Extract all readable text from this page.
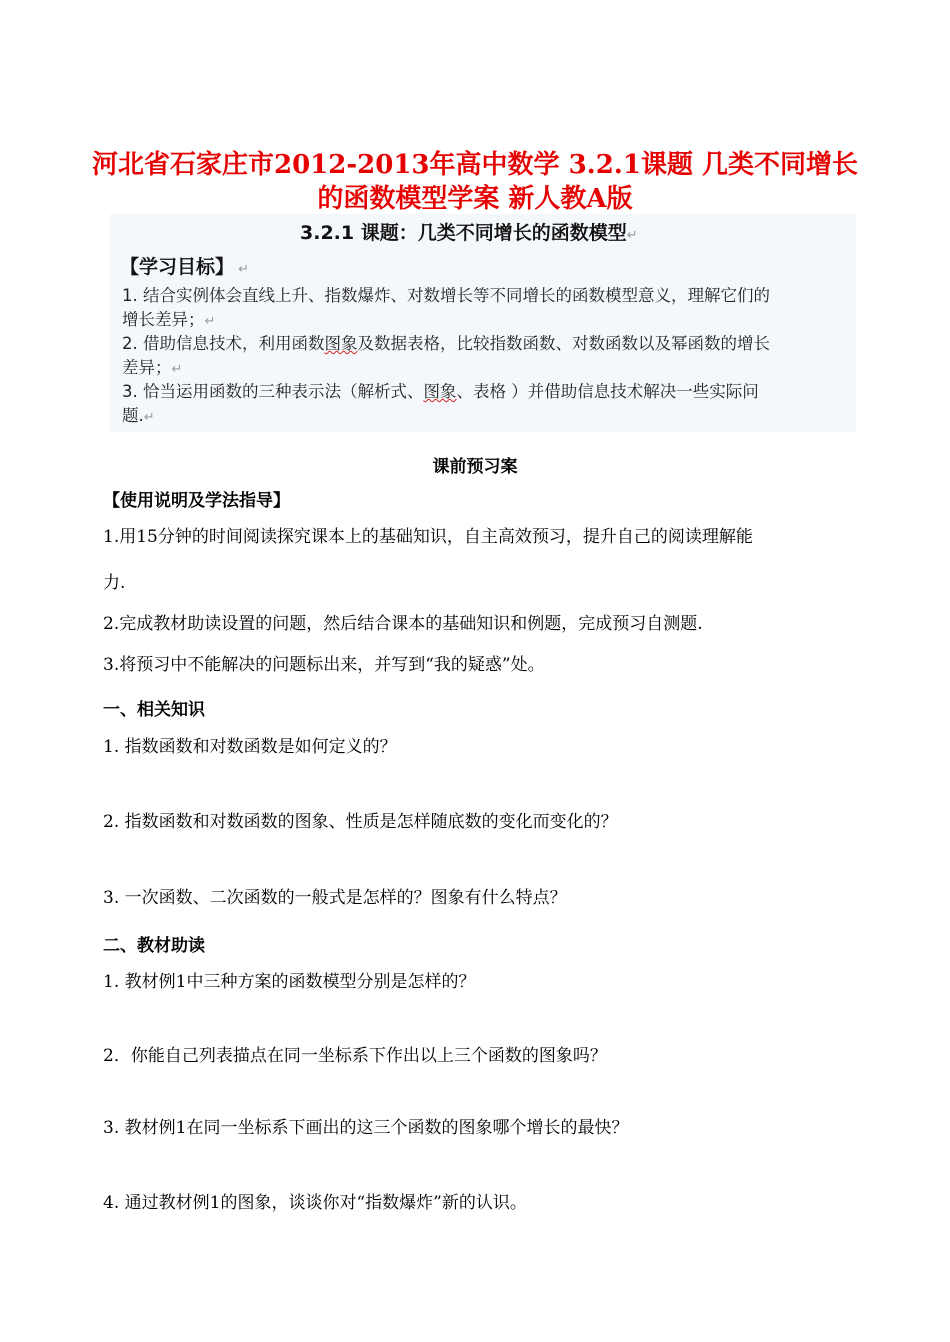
河北省石家庄市2012-2013年高中数学 3.2.1课题 几类不同增长
的函数模型学案 新人教A版
3.2.1 课题：几类不同增长的函数模型↵
【学习目标】 ↵
1. 结合实例体会直线上升、指数爆炸、对数增长等不同增长的函数模型意义，理解它们的
增长差异；↵
2. 借助信息技术，利用函数图象及数据表格，比较指数函数、对数函数以及幂函数的增长
差异；↵
3. 恰当运用函数的三种表示法（解析式、图象、表格 ）并借助信息技术解决一些实际问
题.↵
课前预习案
【使用说明及学法指导】
1.用15分钟的时间阅读探究课本上的基础知识，自主高效预习，提升自己的阅读理解能
力.
2.完成教材助读设置的问题，然后结合课本的基础知识和例题，完成预习自测题.
3.将预习中不能解决的问题标出来，并写到“我的疑惑”处。
一、相关知识
1. 指数函数和对数函数是如何定义的？
2. 指数函数和对数函数的图象、性质是怎样随底数的变化而变化的？
3. 一次函数、二次函数的一般式是怎样的？图象有什么特点？
二、教材助读
1. 教材例1中三种方案的函数模型分别是怎样的？
2．你能自己列表描点在同一坐标系下作出以上三个函数的图象吗？
3. 教材例1在同一坐标系下画出的这三个函数的图象哪个增长的最快？
4. 通过教材例1的图象，谈谈你对“指数爆炸”新的认识。
